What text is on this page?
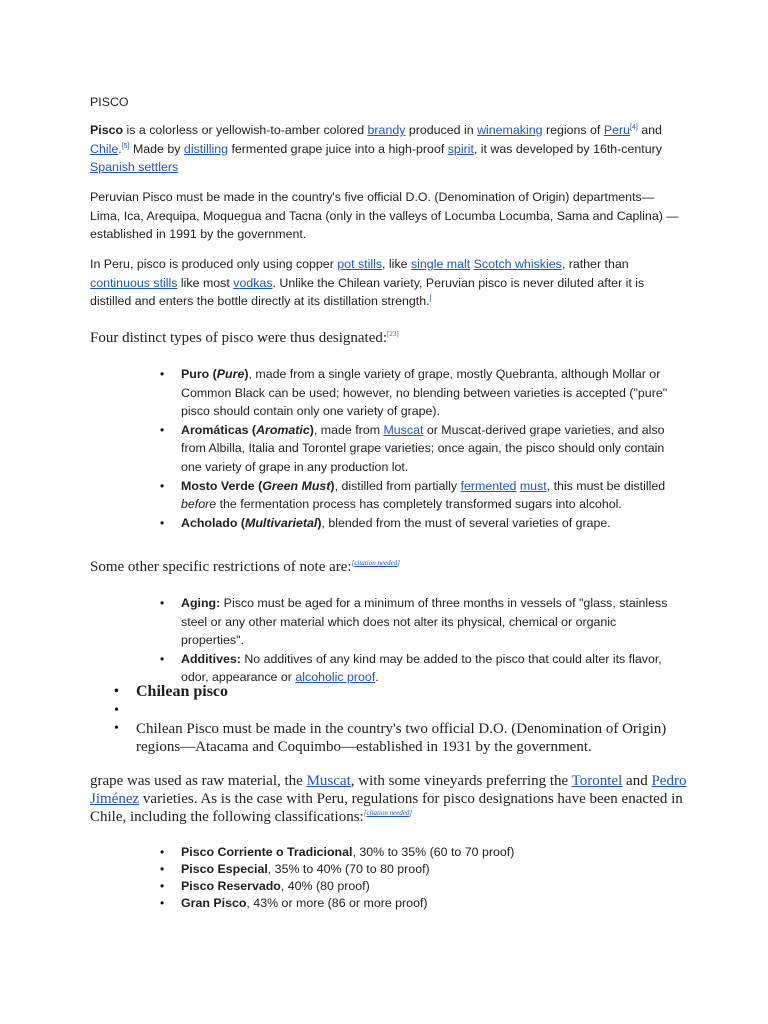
PISCO

Pisco is a colorless or yellowish-to-amber colored brandy produced in winemaking regions of Peru[4] and Chile.[5] Made by distilling fermented grape juice into a high-proof spirit, it was developed by 16th-century Spanish settlers

Peruvian Pisco must be made in the country's five official D.O. (Denomination of Origin) departments—Lima, Ica, Arequipa, Moquegua and Tacna (only in the valleys of Locumba Locumba, Sama and Caplina) — established in 1991 by the government.

In Peru, pisco is produced only using copper pot stills, like single malt Scotch whiskies, rather than continuous stills like most vodkas. Unlike the Chilean variety, Peruvian pisco is never diluted after it is distilled and enters the bottle directly at its distillation strength.[

Four distinct types of pisco were thus designated:[23]

• Puro (Pure), made from a single variety of grape, mostly Quebranta, although Mollar or Common Black can be used; however, no blending between varieties is accepted ("pure" pisco should contain only one variety of grape).
• Aromáticas (Aromatic), made from Muscat or Muscat-derived grape varieties, and also from Albilla, Italia and Torontel grape varieties; once again, the pisco should only contain one variety of grape in any production lot.
• Mosto Verde (Green Must), distilled from partially fermented must, this must be distilled before the fermentation process has completely transformed sugars into alcohol.
• Acholado (Multivarietal), blended from the must of several varieties of grape.

Some other specific restrictions of note are:[citation needed]

• Aging: Pisco must be aged for a minimum of three months in vessels of "glass, stainless steel or any other material which does not alter its physical, chemical or organic properties".
• Additives: No additives of any kind may be added to the pisco that could alter its flavor, odor, appearance or alcoholic proof.
• Chilean pisco
•
• Chilean Pisco must be made in the country's two official D.O. (Denomination of Origin) regions—Atacama and Coquimbo—established in 1931 by the government.

grape was used as raw material, the Muscat, with some vineyards preferring the Torontel and Pedro Jiménez varieties. As is the case with Peru, regulations for pisco designations have been enacted in Chile, including the following classifications:[citation needed]

• Pisco Corriente o Tradicional, 30% to 35% (60 to 70 proof)
• Pisco Especial, 35% to 40% (70 to 80 proof)
• Pisco Reservado, 40% (80 proof)
• Gran Pisco, 43% or more (86 or more proof)
